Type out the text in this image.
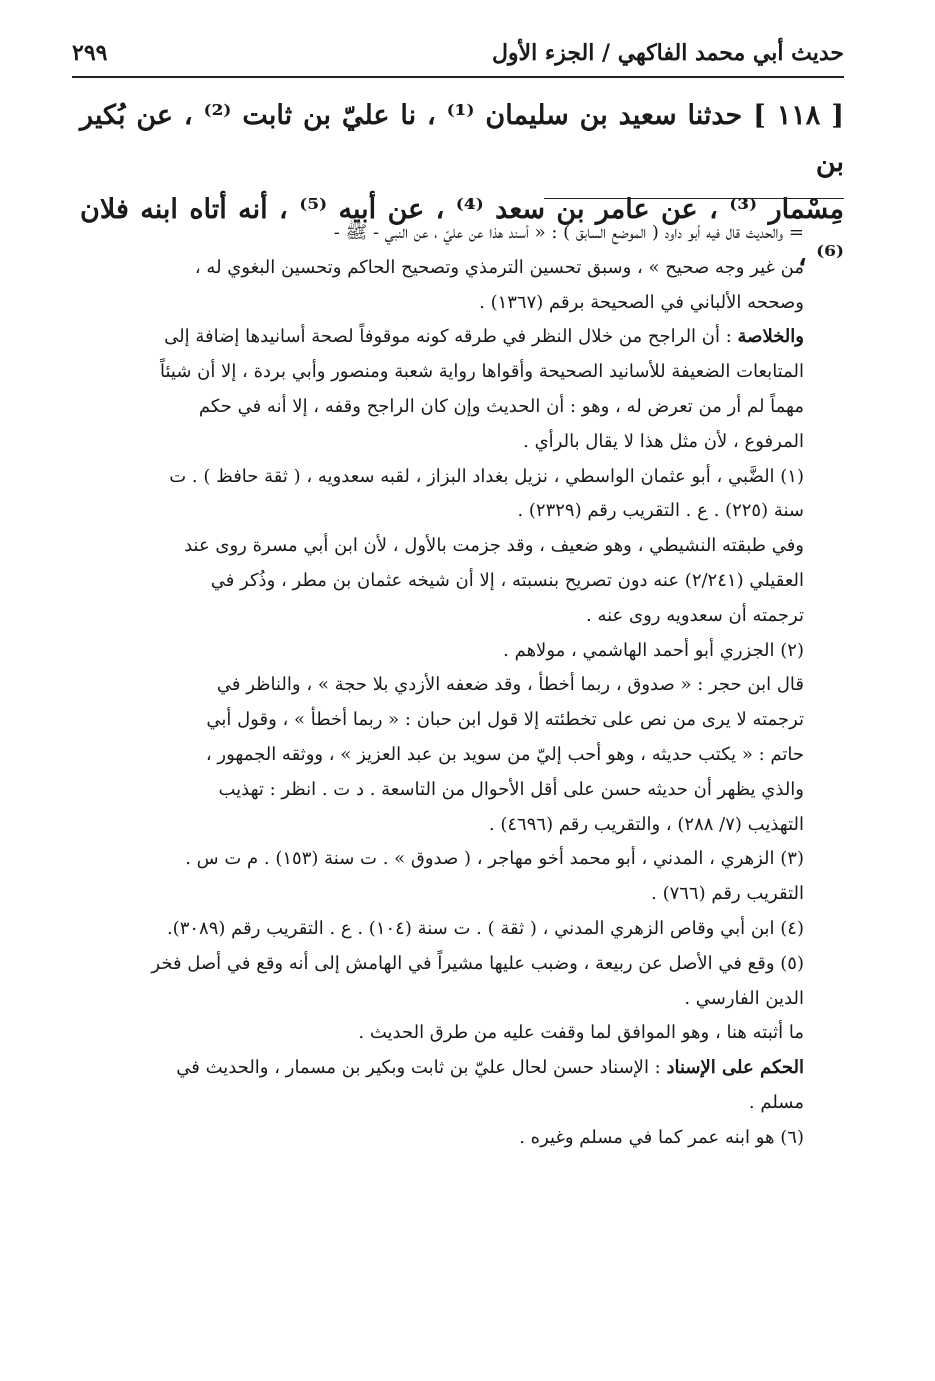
حديث أبي محمد الفاكهي / الجزء الأول
٢٩٩

[ ١١٨ ] حدثنا سعيد بن سليمان ⁽¹⁾ ، نا عليّ بن ثابت ⁽²⁾ ، عن بُكير بن

مِسْمار ⁽³⁾ ، عن عامر بن سعد ⁽⁴⁾ ، عن أبيه ⁽⁵⁾ ، أنه أتاه ابنه فلان ⁽⁶⁾ ،

= والحديث قال فيه أبو داود ( الموضع السابق ) : « أسند هذا عن عليّ ، عن النبي - ﷺ -

من غير وجه صحيح » ، وسبق تحسين الترمذي وتصحيح الحاكم وتحسين البغوي له ،

وصححه الألباني في الصحيحة برقم (١٣٦٧) .

والخلاصة : أن الراجح من خلال النظر في طرقه كونه موقوفاً لصحة أسانيدها إضافة إلى

المتابعات الضعيفة للأسانيد الصحيحة وأقواها رواية شعبة ومنصور وأبي بردة ، إلا أن شيئاً

مهماً لم أر من تعرض له ، وهو : أن الحديث وإن كان الراجح وقفه ، إلا أنه في حكم

المرفوع ، لأن مثل هذا لا يقال بالرأي .

(١) الضَّبي ، أبو عثمان الواسطي ، نزيل بغداد البزاز ، لقبه سعدويه ، ( ثقة حافظ ) . ت

سنة (٢٢٥) . ع . التقريب رقم (٢٣٢٩) .

وفي طبقته النشيطي ، وهو ضعيف ، وقد جزمت بالأول ، لأن ابن أبي مسرة روى عند

العقيلي (٢/٢٤١) عنه دون تصريح بنسبته ، إلا أن شيخه عثمان بن مطر ، وذُكر في

ترجمته أن سعدويه روى عنه .

(٢) الجزري أبو أحمد الهاشمي ، مولاهم .

قال ابن حجر : « صدوق ، ربما أخطأ ، وقد ضعفه الأزدي بلا حجة » ، والناظر في

ترجمته لا يرى من نص على تخطئته إلا قول ابن حبان : « ربما أخطأ » ، وقول أبي

حاتم : « يكتب حديثه ، وهو أحب إليّ من سويد بن عبد العزيز » ، ووثقه الجمهور ،

والذي يظهر أن حديثه حسن على أقل الأحوال من التاسعة . د ت . انظر : تهذيب

التهذيب (٧/ ٢٨٨) ، والتقريب رقم (٤٦٩٦) .

(٣) الزهري ، المدني ، أبو محمد أخو مهاجر ، ( صدوق » . ت سنة (١٥٣) . م ت س .

التقريب رقم (٧٦٦) .

(٤) ابن أبي وقاص الزهري المدني ، ( ثقة ) . ت سنة (١٠٤) . ع . التقريب رقم (٣٠٨٩).

(٥) وقع في الأصل عن ربيعة ، وضبب عليها مشيراً في الهامش إلى أنه وقع في أصل فخر

الدين الفارسي .

ما أثبته هنا ، وهو الموافق لما وقفت عليه من طرق الحديث .

الحكم على الإسناد : الإسناد حسن لحال عليّ بن ثابت وبكير بن مسمار ، والحديث في

مسلم .

(٦) هو ابنه عمر كما في مسلم وغيره .
